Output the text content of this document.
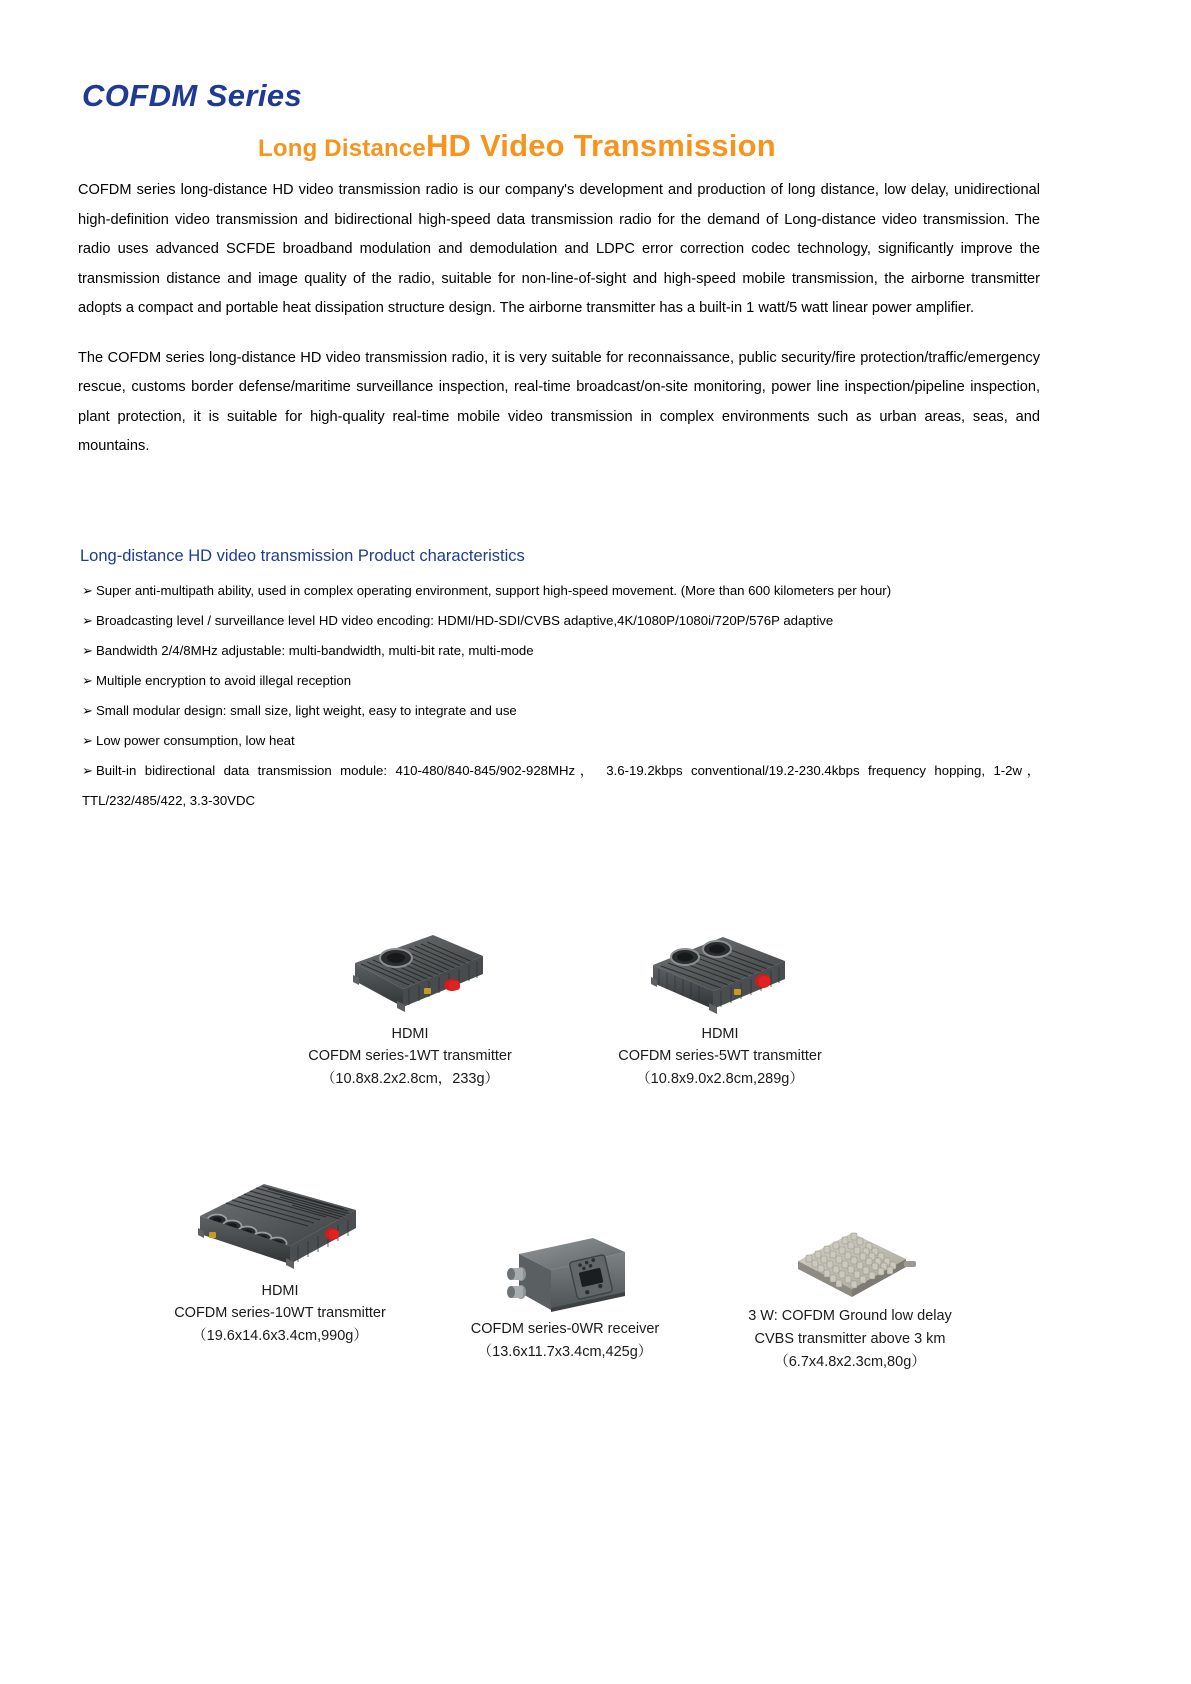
COFDM Series
Long DistanceHD Video Transmission

COFDM series long-distance HD video transmission radio is our company's development and production of long distance, low delay, unidirectional high-definition video transmission and bidirectional high-speed data transmission radio for the demand of Long-distance video transmission. The radio uses advanced SCFDE broadband modulation and demodulation and LDPC error correction codec technology, significantly improve the transmission distance and image quality of the radio, suitable for non-line-of-sight and high-speed mobile transmission, the airborne transmitter adopts a compact and portable heat dissipation structure design. The airborne transmitter has a built-in 1 watt/5 watt linear power amplifier.

The COFDM series long-distance HD video transmission radio, it is very suitable for reconnaissance, public security/fire protection/traffic/emergency rescue, customs border defense/maritime surveillance inspection, real-time broadcast/on-site monitoring, power line inspection/pipeline inspection, plant protection, it is suitable for high-quality real-time mobile video transmission in complex environments such as urban areas, seas, and mountains.

Long-distance HD video transmission Product characteristics
➢ Super anti-multipath ability, used in complex operating environment, support high-speed movement. (More than 600 kilometers per hour)
➢ Broadcasting level / surveillance level HD video encoding: HDMI/HD-SDI/CVBS adaptive,4K/1080P/1080i/720P/576P adaptive
➢ Bandwidth 2/4/8MHz adjustable: multi-bandwidth, multi-bit rate, multi-mode
➢ Multiple encryption to avoid illegal reception
➢ Small modular design: small size, light weight, easy to integrate and use
➢ Low power consumption, low heat
➢ Built-in bidirectional data transmission module: 410-480/840-845/902-928MHz， 3.6-19.2kbps conventional/19.2-230.4kbps frequency hopping, 1-2w，TTL/232/485/422, 3.3-30VDC
HDMI
COFDM series-1WT transmitter
（10.8x8.2x2.8cm，233g）
HDMI
COFDM series-5WT transmitter
（10.8x9.0x2.8cm,289g）
HDMI
COFDM series-10WT transmitter
（19.6x14.6x3.4cm,990g）	COFDM series-0WR receiver
（13.6x11.7x3.4cm,425g）
3 W: COFDM Ground low delay
CVBS transmitter above 3 km
（6.7x4.8x2.3cm,80g）
